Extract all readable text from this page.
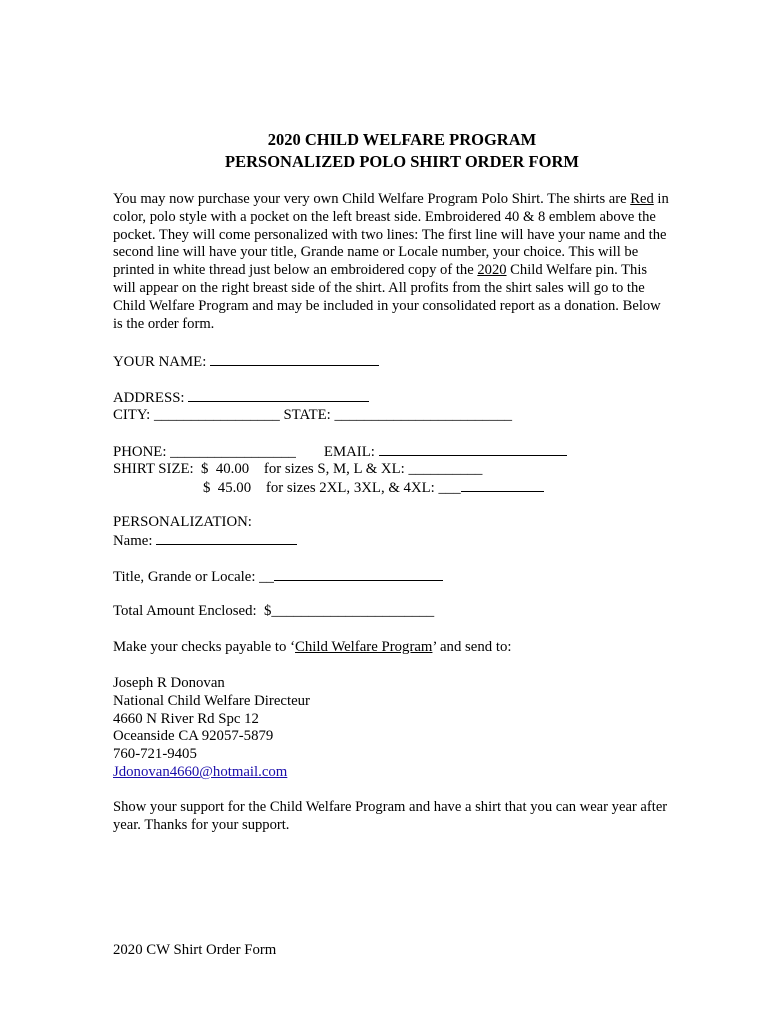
2020 CHILD WELFARE PROGRAM
PERSONALIZED POLO SHIRT ORDER FORM
You may now purchase your very own Child Welfare Program Polo Shirt. The shirts are Red in color, polo style with a pocket on the left breast side. Embroidered 40 & 8 emblem above the pocket. They will come personalized with two lines: The first line will have your name and the second line will have your title, Grande name or Locale number, your choice. This will be printed in white thread just below an embroidered copy of the 2020 Child Welfare pin. This will appear on the right breast side of the shirt. All profits from the shirt sales will go to the Child Welfare Program and may be included in your consolidated report as a donation. Below is the order form.
YOUR NAME:
ADDRESS:
CITY: _________________ STATE: ________________________
PHONE: _________________ EMAIL:
SHIRT SIZE:  $  40.00    for sizes S, M, L & XL: __________
$  45.00    for sizes 2XL, 3XL, & 4XL: ___
PERSONALIZATION:
Name:
Title, Grande or Locale: __
Total Amount Enclosed:  $______________________
Make your checks payable to ‘Child Welfare Program’ and send to:
Joseph R Donovan
National Child Welfare Directeur
4660 N River Rd Spc 12
Oceanside CA 92057-5879
760-721-9405
Jdonovan4660@hotmail.com
Show your support for the Child Welfare Program and have a shirt that you can wear year after year. Thanks for your support.
2020 CW Shirt Order Form
